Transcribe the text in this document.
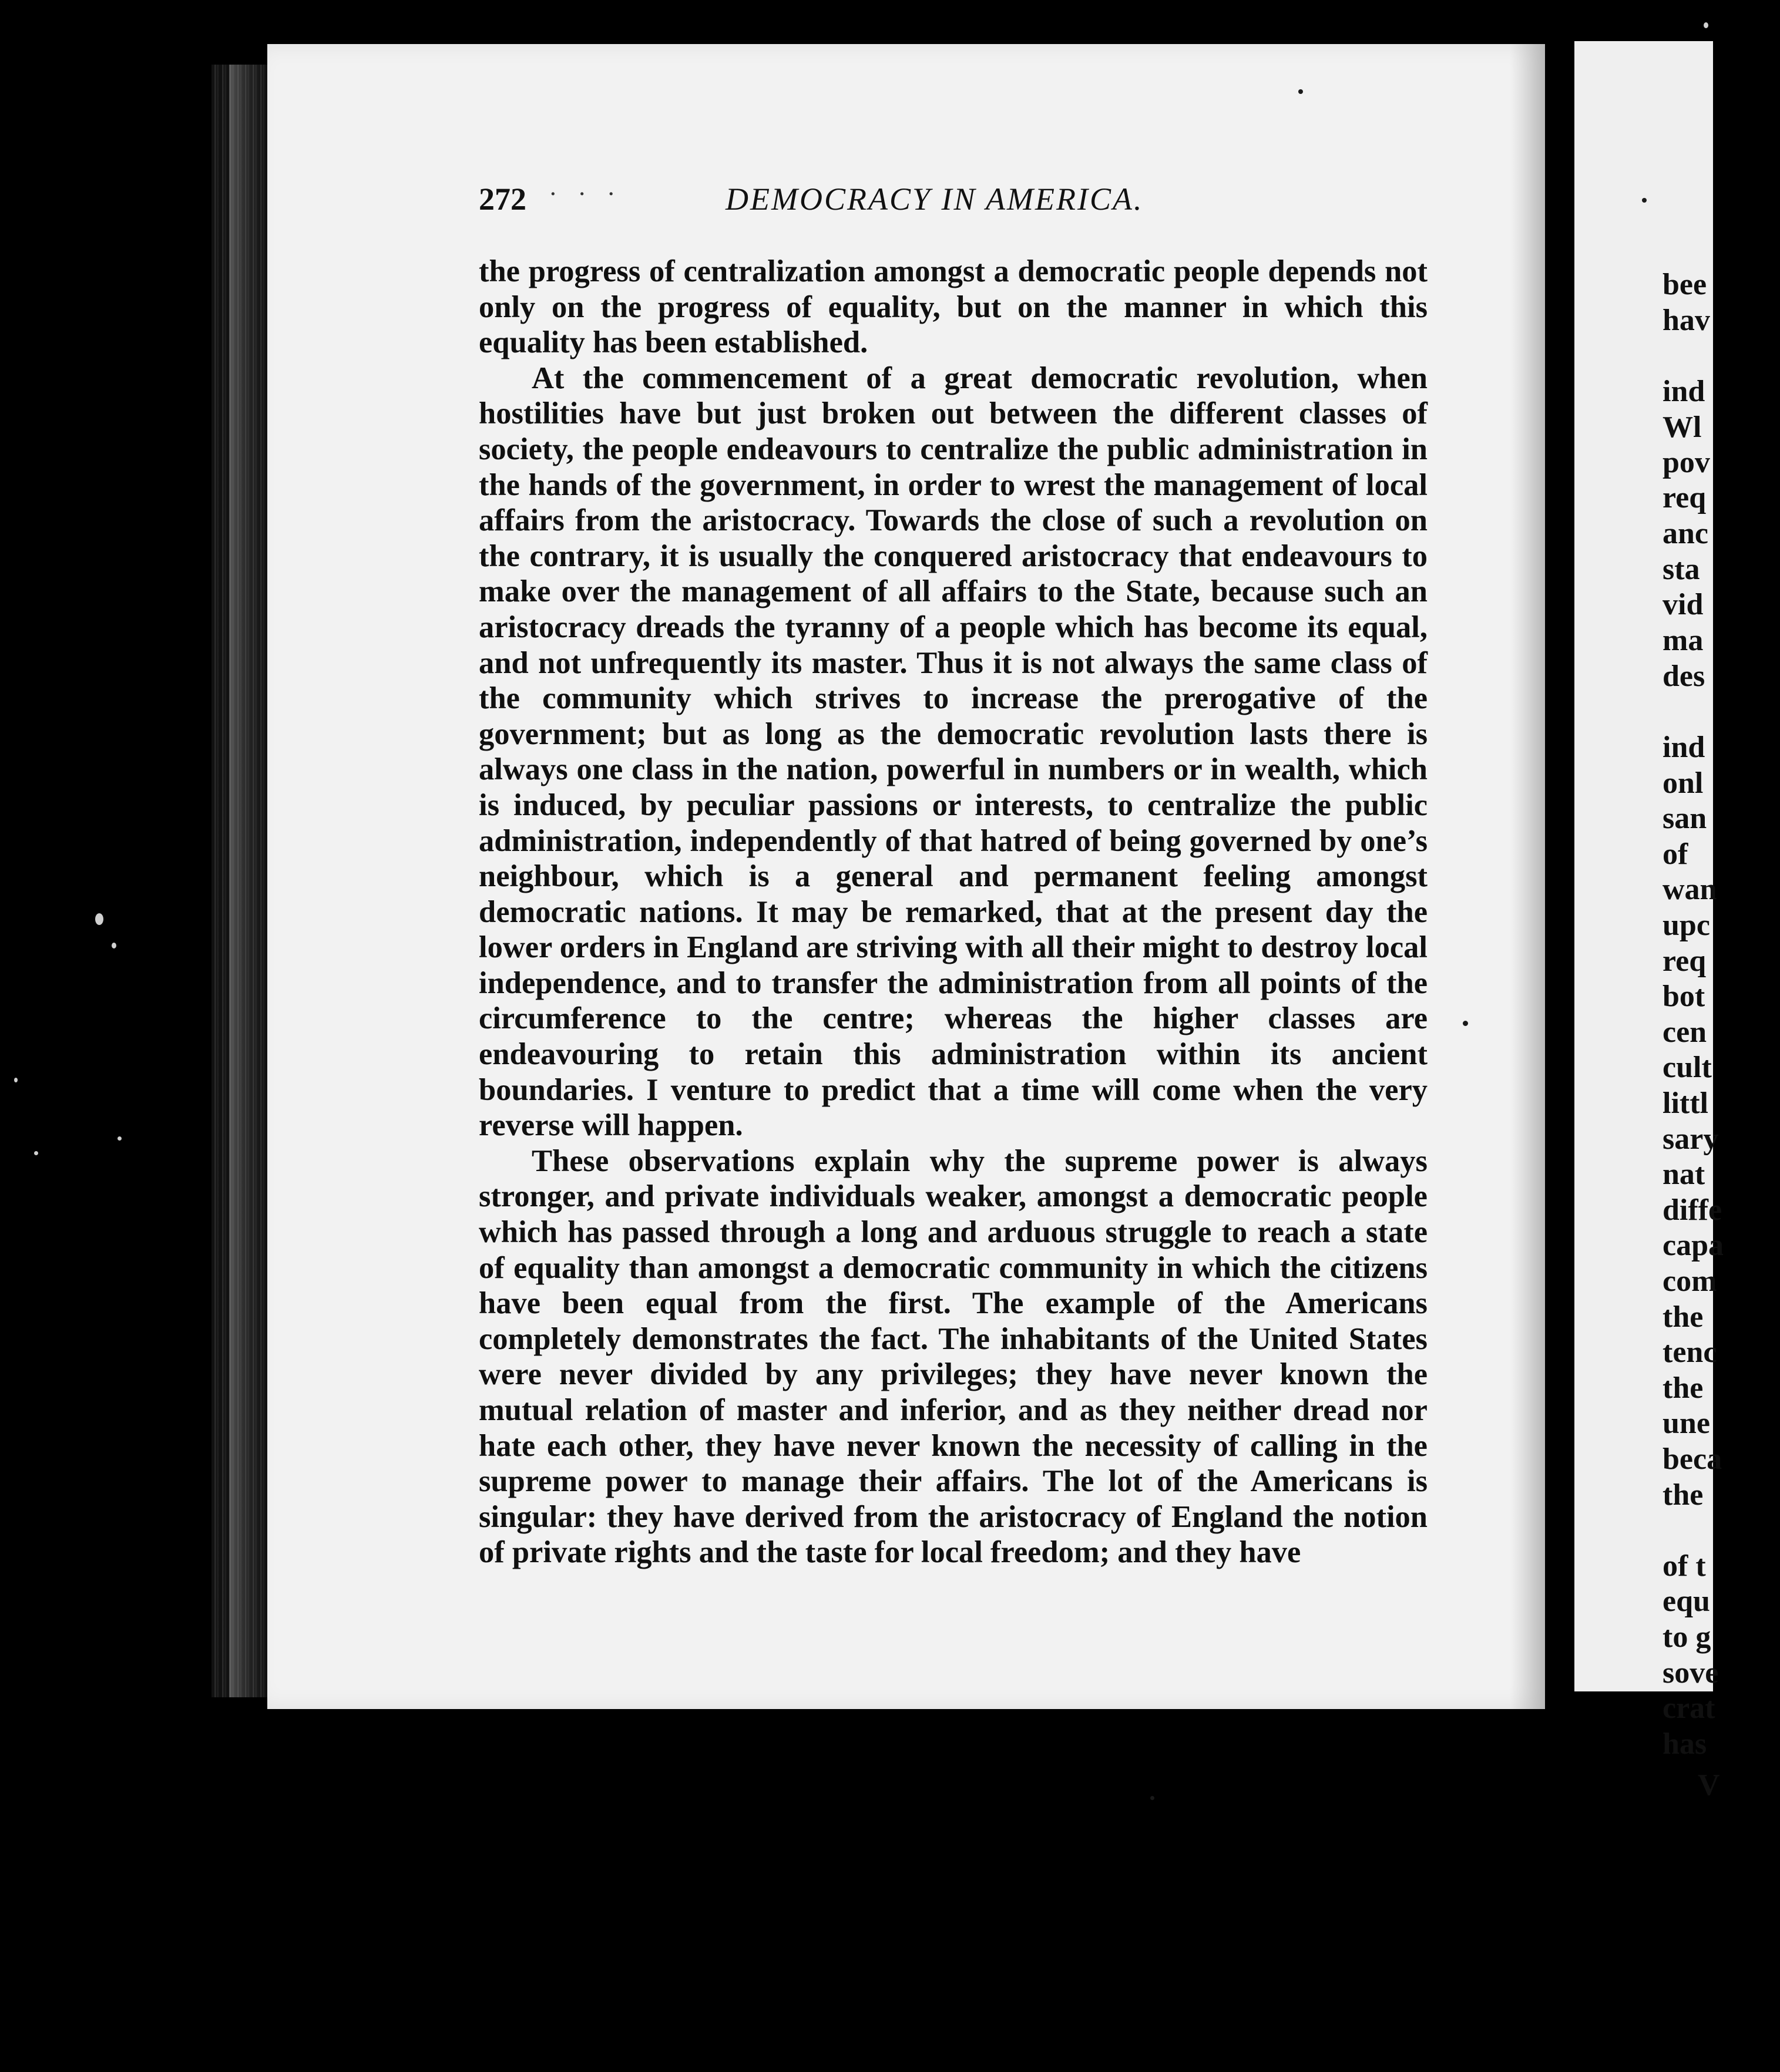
272 · · ·	DEMOCRACY IN AMERICA.

the progress of centralization amongst a democratic people depends not only on the progress of equality, but on the manner in which this equality has been established.

At the commencement of a great democratic revolution, when hostilities have but just broken out between the different classes of society, the people endeavours to centralize the public administration in the hands of the government, in order to wrest the management of local affairs from the aristocracy. Towards the close of such a revolution on the contrary, it is usually the conquered aristocracy that endeavours to make over the management of all affairs to the State, because such an aristocracy dreads the tyranny of a people which has become its equal, and not unfrequently its master. Thus it is not always the same class of the community which strives to increase the prerogative of the government; but as long as the democratic revolution lasts there is always one class in the nation, powerful in numbers or in wealth, which is induced, by peculiar passions or interests, to centralize the public administration, independently of that hatred of being governed by one’s neighbour, which is a general and permanent feeling amongst democratic nations. It may be remarked, that at the present day the lower orders in England are striving with all their might to destroy local independence, and to transfer the administration from all points of the circumference to the centre; whereas the higher classes are endeavouring to retain this administration within its ancient boundaries. I venture to predict that a time will come when the very reverse will happen.

These observations explain why the supreme power is always stronger, and private individuals weaker, amongst a democratic people which has passed through a long and arduous struggle to reach a state of equality than amongst a democratic community in which the citizens have been equal from the first. The example of the Americans completely demonstrates the fact. The inhabitants of the United States were never divided by any privileges; they have never known the mutual relation of master and inferior, and as they neither dread nor hate each other, they have never known the necessity of calling in the supreme power to manage their affairs. The lot of the Americans is singular: they have derived from the aristocracy of England the notion of private rights and the taste for local freedom; and they have

bee
hav
ind
Wl
pov
req
anc
sta
vid
ma
des
ind
onl
san
of
wan
upc
req
bot
cen
cult
littl
sary
nat
diffe
capa
com
the
tenc
the
une
beca
the
of t
equ
to g
sove
crat
has
V
